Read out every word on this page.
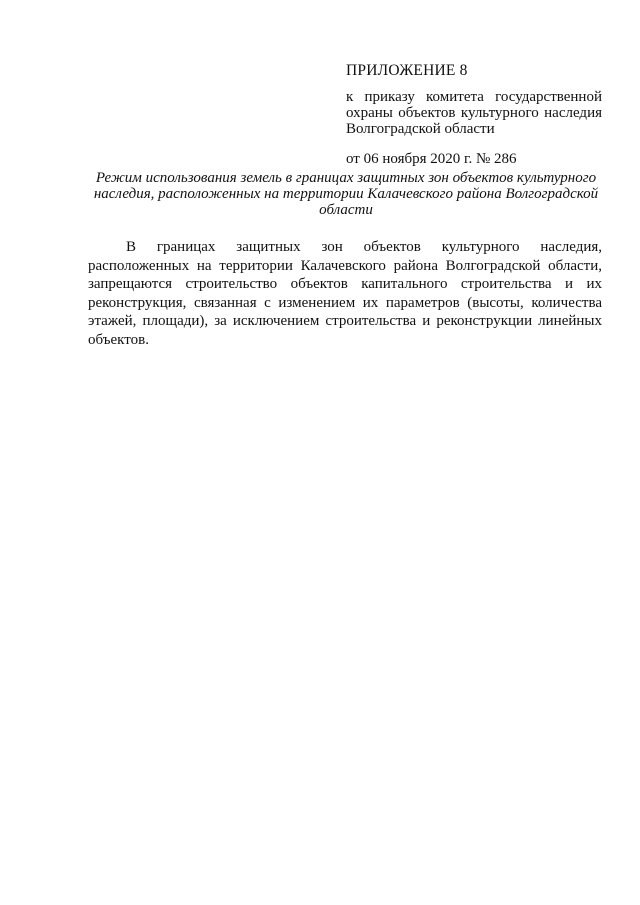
ПРИЛОЖЕНИЕ 8

к приказу комитета государственной охраны объектов культурного наследия Волгоградской области

от 06 ноября 2020 г. № 286

Режим использования земель в границах защитных зон объектов культурного наследия, расположенных на территории Калачевского района Волгоградской области

В границах защитных зон объектов культурного наследия, расположенных на территории Калачевского района Волгоградской области, запрещаются строительство объектов капитального строительства и их реконструкция, связанная с изменением их параметров (высоты, количества этажей, площади), за исключением строительства и реконструкции линейных объектов.
